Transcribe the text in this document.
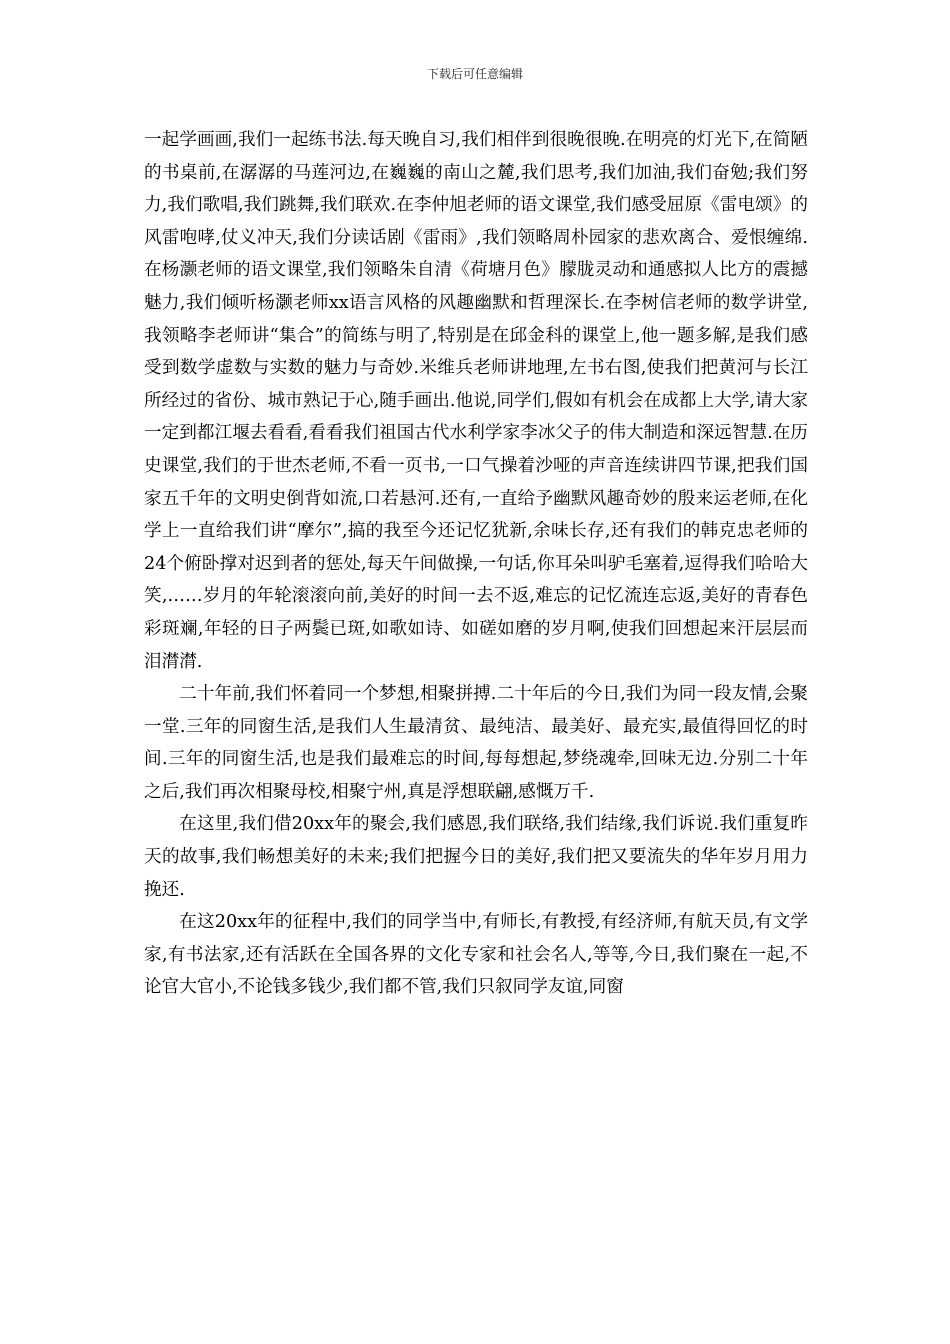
下载后可任意编辑

一起学画画,我们一起练书法.每天晚自习,我们相伴到很晚很晚.在明亮的灯光下,在简陋的书桌前,在潺潺的马莲河边,在巍巍的南山之麓,我们思考,我们加油,我们奋勉;我们努力,我们歌唱,我们跳舞,我们联欢.在李仲旭老师的语文课堂,我们感受屈原《雷电颂》的风雷咆哮,仗义冲天,我们分读话剧《雷雨》,我们领略周朴园家的悲欢离合、爱恨缠绵.在杨灏老师的语文课堂,我们领略朱自清《荷塘月色》朦胧灵动和通感拟人比方的震撼魅力,我们倾听杨灏老师xx语言风格的风趣幽默和哲理深长.在李树信老师的数学讲堂,我领略李老师讲“集合”的简练与明了,特别是在邱金科的课堂上,他一题多解,是我们感受到数学虚数与实数的魅力与奇妙.米维兵老师讲地理,左书右图,使我们把黄河与长江所经过的省份、城市熟记于心,随手画出.他说,同学们,假如有机会在成都上大学,请大家一定到都江堰去看看,看看我们祖国古代水利学家李冰父子的伟大制造和深远智慧.在历史课堂,我们的于世杰老师,不看一页书,一口气操着沙哑的声音连续讲四节课,把我们国家五千年的文明史倒背如流,口若悬河.还有,一直给予幽默风趣奇妙的殷来运老师,在化学上一直给我们讲“摩尔”,搞的我至今还记忆犹新,余味长存,还有我们的韩克忠老师的24个俯卧撑对迟到者的惩处,每天午间做操,一句话,你耳朵叫驴毛塞着,逗得我们哈哈大笑,……岁月的年轮滚滚向前,美好的时间一去不返,难忘的记忆流连忘返,美好的青春色彩斑斓,年轻的日子两鬓已斑,如歌如诗、如磋如磨的岁月啊,使我们回想起来汗层层而泪潸潸.

二十年前,我们怀着同一个梦想,相聚拼搏.二十年后的今日,我们为同一段友情,会聚一堂.三年的同窗生活,是我们人生最清贫、最纯洁、最美好、最充实,最值得回忆的时间.三年的同窗生活,也是我们最难忘的时间,每每想起,梦绕魂牵,回味无边.分别二十年之后,我们再次相聚母校,相聚宁州,真是浮想联翩,感慨万千.

在这里,我们借20xx年的聚会,我们感恩,我们联络,我们结缘,我们诉说.我们重复昨天的故事,我们畅想美好的未来;我们把握今日的美好,我们把又要流失的华年岁月用力挽还.

在这20xx年的征程中,我们的同学当中,有师长,有教授,有经济师,有航天员,有文学家,有书法家,还有活跃在全国各界的文化专家和社会名人,等等,今日,我们聚在一起,不论官大官小,不论钱多钱少,我们都不管,我们只叙同学友谊,同窗
